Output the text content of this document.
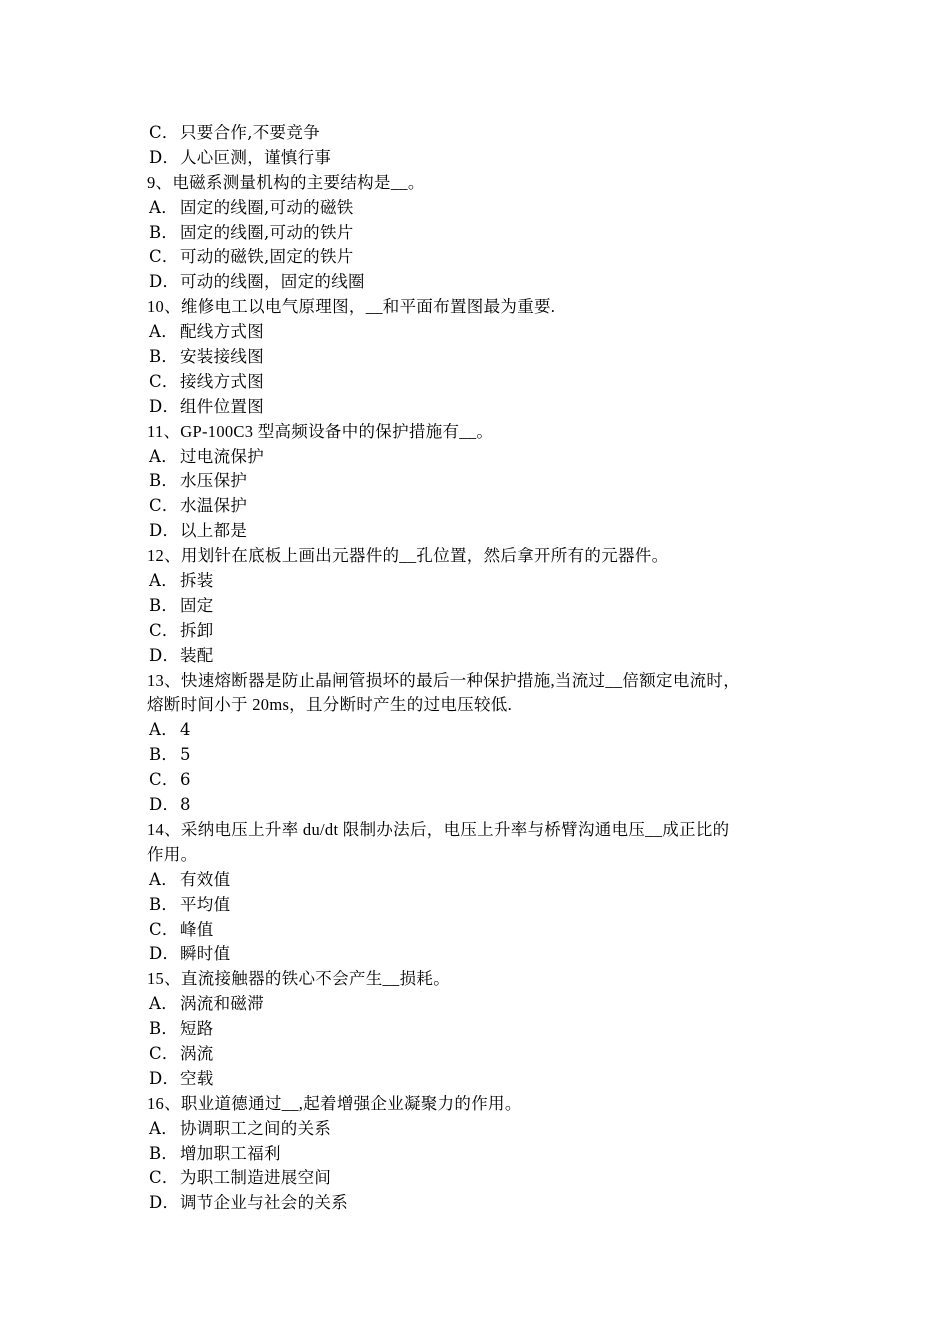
C．只要合作,不要竞争
D．人心叵测，谨慎行事
9、电磁系测量机构的主要结构是__。
A． 固定的线圈,可动的磁铁
B． 固定的线圈,可动的铁片
C．可动的磁铁,固定的铁片
D．可动的线圈，固定的线圈
10、维修电工以电气原理图，__和平面布置图最为重要.
A． 配线方式图
B． 安装接线图
C．接线方式图
D．组件位置图
11、GP-100C3 型高频设备中的保护措施有__。
A． 过电流保护
B． 水压保护
C．水温保护
D．以上都是
12、用划针在底板上画出元器件的__孔位置，然后拿开所有的元器件。
A． 拆装
B． 固定
C．拆卸
D．装配
13、快速熔断器是防止晶闸管损坏的最后一种保护措施,当流过__倍额定电流时，
熔断时间小于 20ms，且分断时产生的过电压较低.
A． 4
B． 5
C．6
D．8
14、采纳电压上升率 du/dt 限制办法后，电压上升率与桥臂沟通电压__成正比的
作用。
A． 有效值
B． 平均值
C．峰值
D．瞬时值
15、直流接触器的铁心不会产生__损耗。
A． 涡流和磁滞
B． 短路
C．涡流
D．空载
16、职业道德通过__,起着增强企业凝聚力的作用。
A． 协调职工之间的关系
B． 增加职工福利
C．为职工制造进展空间
D．调节企业与社会的关系
